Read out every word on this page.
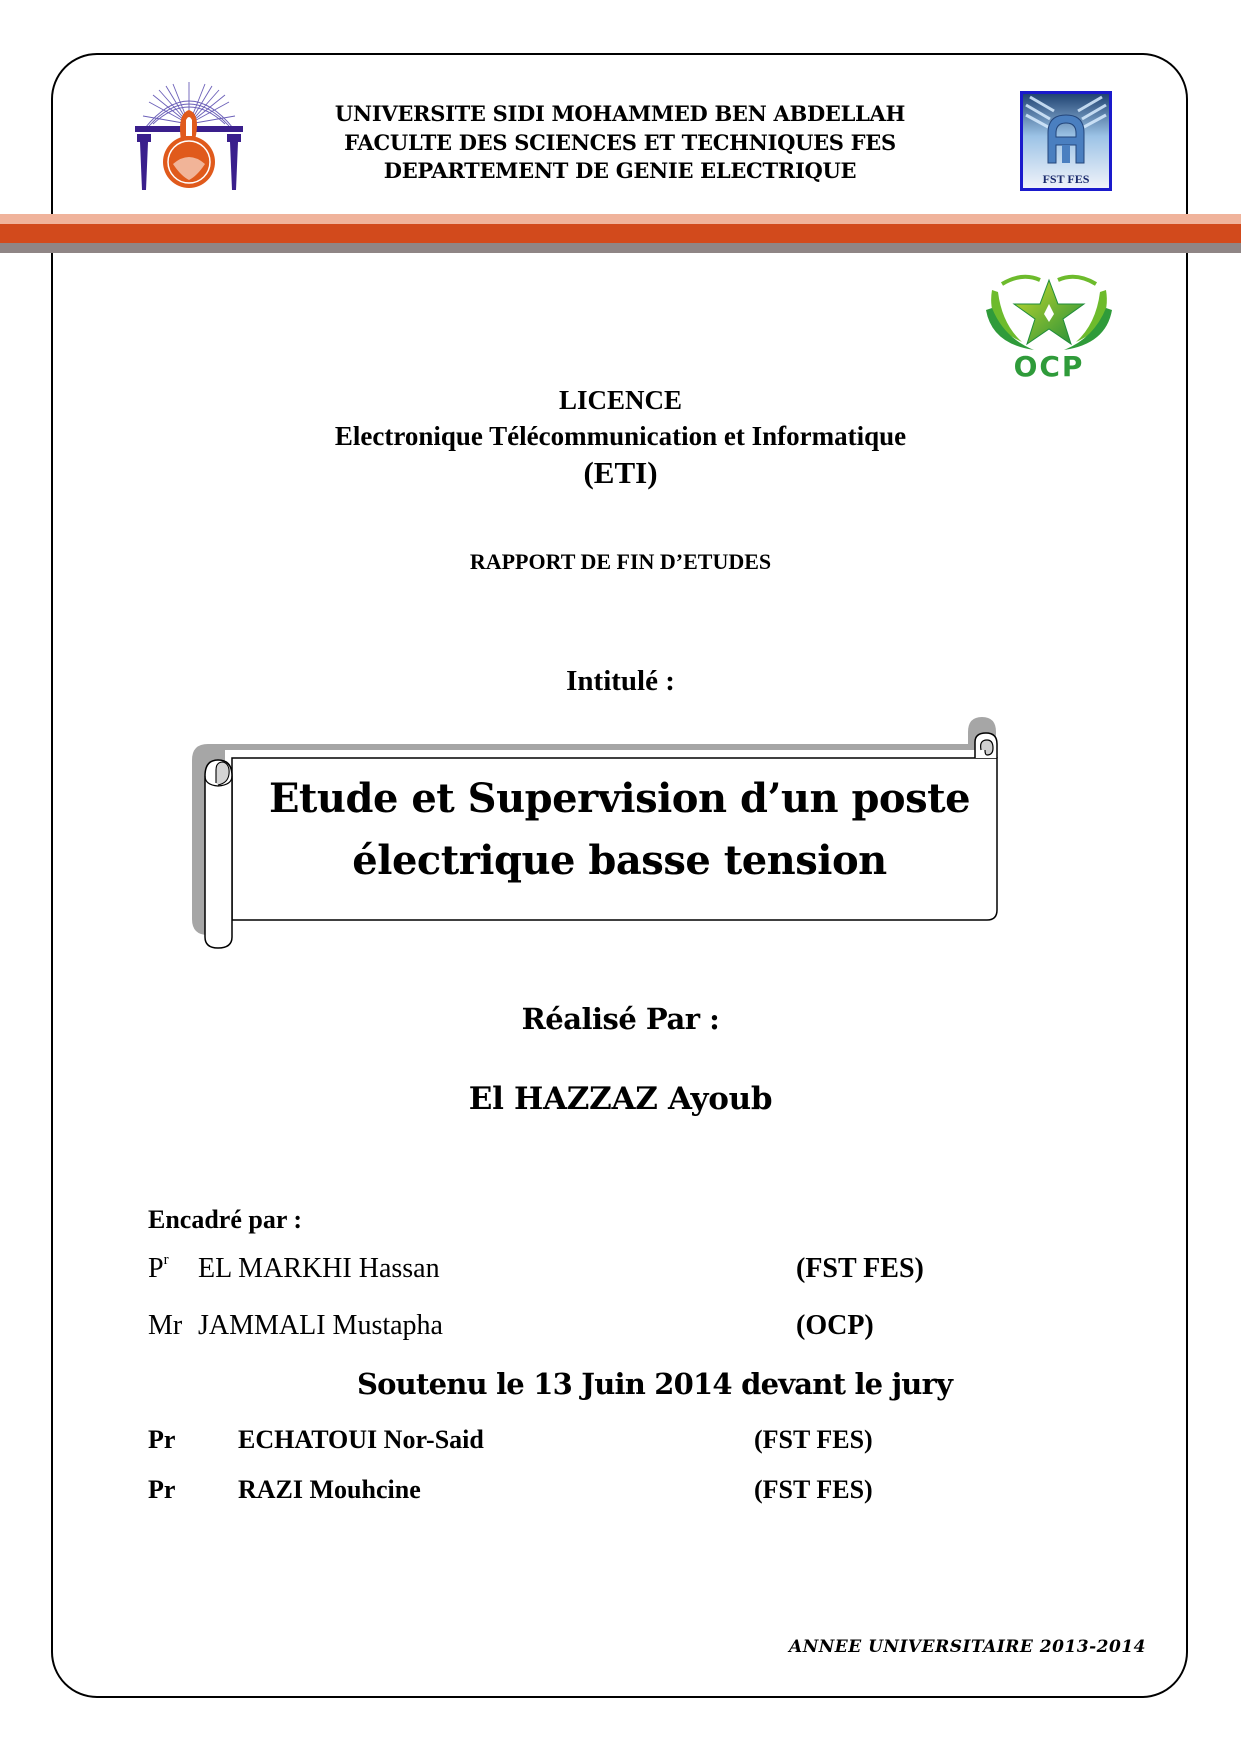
UNIVERSITE SIDI MOHAMMED BEN ABDELLAH
FACULTE DES SCIENCES ET TECHNIQUES FES
DEPARTEMENT DE GENIE ELECTRIQUE	FST FES
OCP
LICENCE
Electronique Télécommunication et Informatique
(ETI)
RAPPORT DE FIN D’ETUDES
Intitulé :
Etude et Supervision d’un poste
électrique basse tension
Réalisé Par :
El HAZZAZ Ayoub
Encadré par :
$P^r$ EL MARKHI Hassan	(FST FES)
Mr JAMMALI Mustapha	(OCP)
Soutenu le 13 Juin 2014 devant le jury
Pr ECHATOUI Nor-Said	(FST FES)
Pr RAZI Mouhcine	(FST FES)
ANNEE UNIVERSITAIRE 2013-2014
